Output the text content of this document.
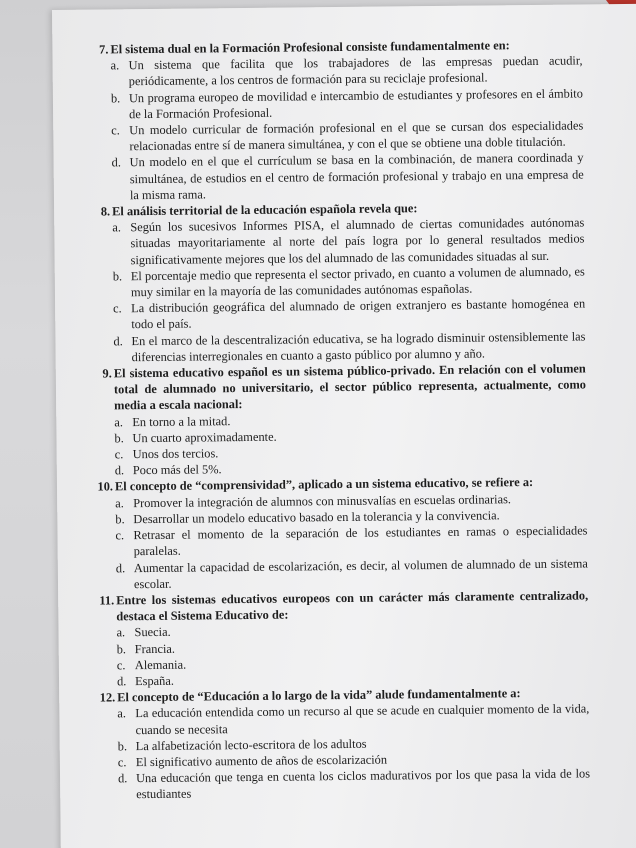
7. El sistema dual en la Formación Profesional consiste fundamentalmente en:
a. Un sistema que facilita que los trabajadores de las empresas puedan acudir, periódicamente, a los centros de formación para su reciclaje profesional.
b. Un programa europeo de movilidad e intercambio de estudiantes y profesores en el ámbito de la Formación Profesional.
c. Un modelo curricular de formación profesional en el que se cursan dos especialidades relacionadas entre sí de manera simultánea, y con el que se obtiene una doble titulación.
d. Un modelo en el que el currículum se basa en la combinación, de manera coordinada y simultánea, de estudios en el centro de formación profesional y trabajo en una empresa de la misma rama.
8. El análisis territorial de la educación española revela que:
a. Según los sucesivos Informes PISA, el alumnado de ciertas comunidades autónomas situadas mayoritariamente al norte del país logra por lo general resultados medios significativamente mejores que los del alumnado de las comunidades situadas al sur.
b. El porcentaje medio que representa el sector privado, en cuanto a volumen de alumnado, es muy similar en la mayoría de las comunidades autónomas españolas.
c. La distribución geográfica del alumnado de origen extranjero es bastante homogénea en todo el país.
d. En el marco de la descentralización educativa, se ha logrado disminuir ostensiblemente las diferencias interregionales en cuanto a gasto público por alumno y año.
9. El sistema educativo español es un sistema público-privado. En relación con el volumen total de alumnado no universitario, el sector público representa, actualmente, como media a escala nacional:
a. En torno a la mitad.
b. Un cuarto aproximadamente.
c. Unos dos tercios.
d. Poco más del 5%.
10. El concepto de “comprensividad”, aplicado a un sistema educativo, se refiere a:
a. Promover la integración de alumnos con minusvalías en escuelas ordinarias.
b. Desarrollar un modelo educativo basado en la tolerancia y la convivencia.
c. Retrasar el momento de la separación de los estudiantes en ramas o especialidades paralelas.
d. Aumentar la capacidad de escolarización, es decir, al volumen de alumnado de un sistema escolar.
11. Entre los sistemas educativos europeos con un carácter más claramente centralizado, destaca el Sistema Educativo de:
a. Suecia.
b. Francia.
c. Alemania.
d. España.
12. El concepto de “Educación a lo largo de la vida” alude fundamentalmente a:
a. La educación entendida como un recurso al que se acude en cualquier momento de la vida, cuando se necesita
b. La alfabetización lecto-escritora de los adultos
c. El significativo aumento de años de escolarización
d. Una educación que tenga en cuenta los ciclos madurativos por los que pasa la vida de los estudiantes
